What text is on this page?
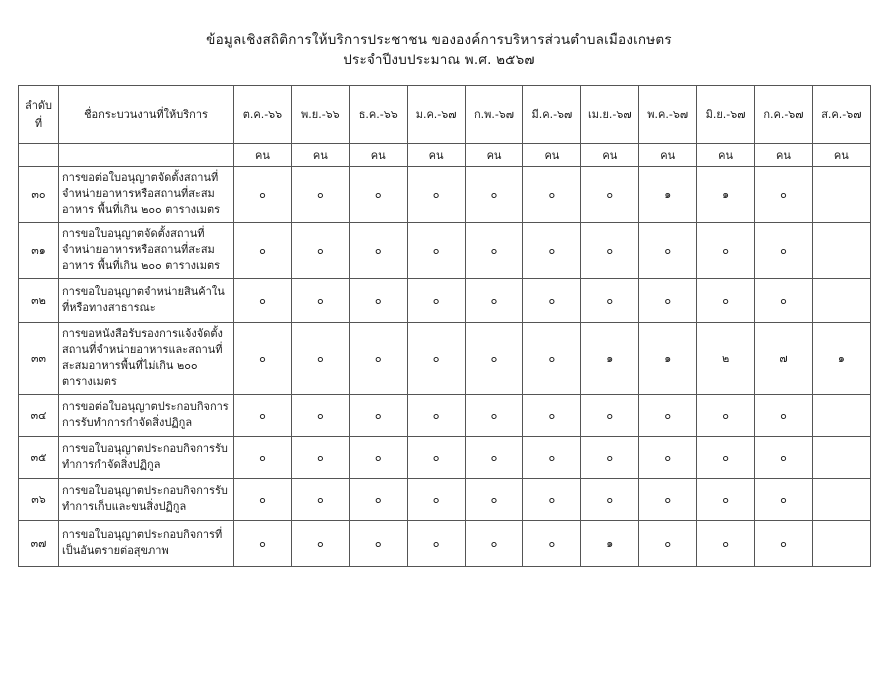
ข้อมูลเชิงสถิติการให้บริการประชาชน ขององค์การบริหารส่วนตำบลเมืองเกษตร
ประจำปีงบประมาณ พ.ศ. ๒๕๖๗
ลำดับที่	ชื่อกระบวนงานที่ให้บริการ	ต.ค.-๖๖	พ.ย.-๖๖	ธ.ค.-๖๖	ม.ค.-๖๗	ก.พ.-๖๗	มี.ค.-๖๗	เม.ย.-๖๗	พ.ค.-๖๗	มิ.ย.-๖๗	ก.ค.-๖๗	ส.ค.-๖๗
		คน	คน	คน	คน	คน	คน	คน	คน	คน	คน	คน
๓๐	การขอต่อใบอนุญาตจัดตั้งสถานที่จำหน่ายอาหารหรือสถานที่สะสมอาหาร พื้นที่เกิน ๒๐๐ ตารางเมตร	๐	๐	๐	๐	๐	๐	๐	๑	๑	๐	
๓๑	การขอใบอนุญาตจัดตั้งสถานที่จำหน่ายอาหารหรือสถานที่สะสมอาหาร พื้นที่เกิน ๒๐๐ ตารางเมตร	๐	๐	๐	๐	๐	๐	๐	๐	๐	๐	
๓๒	การขอใบอนุญาตจำหน่ายสินค้าในที่หรือทางสาธารณะ	๐	๐	๐	๐	๐	๐	๐	๐	๐	๐	
๓๓	การขอหนังสือรับรองการแจ้งจัดตั้งสถานที่จำหน่ายอาหารและสถานที่สะสมอาหารพื้นที่ไม่เกิน ๒๐๐ ตารางเมตร	๐	๐	๐	๐	๐	๐	๑	๑	๒	๗	๑
๓๔	การขอต่อใบอนุญาตประกอบกิจการการรับทำการกำจัดสิ่งปฏิกูล	๐	๐	๐	๐	๐	๐	๐	๐	๐	๐	
๓๕	การขอใบอนุญาตประกอบกิจการรับทำการกำจัดสิ่งปฏิกูล	๐	๐	๐	๐	๐	๐	๐	๐	๐	๐	
๓๖	การขอใบอนุญาตประกอบกิจการรับทำการเก็บและขนสิ่งปฏิกูล	๐	๐	๐	๐	๐	๐	๐	๐	๐	๐	
๓๗	การขอใบอนุญาตประกอบกิจการที่เป็นอันตรายต่อสุขภาพ	๐	๐	๐	๐	๐	๐	๑	๐	๐	๐	
